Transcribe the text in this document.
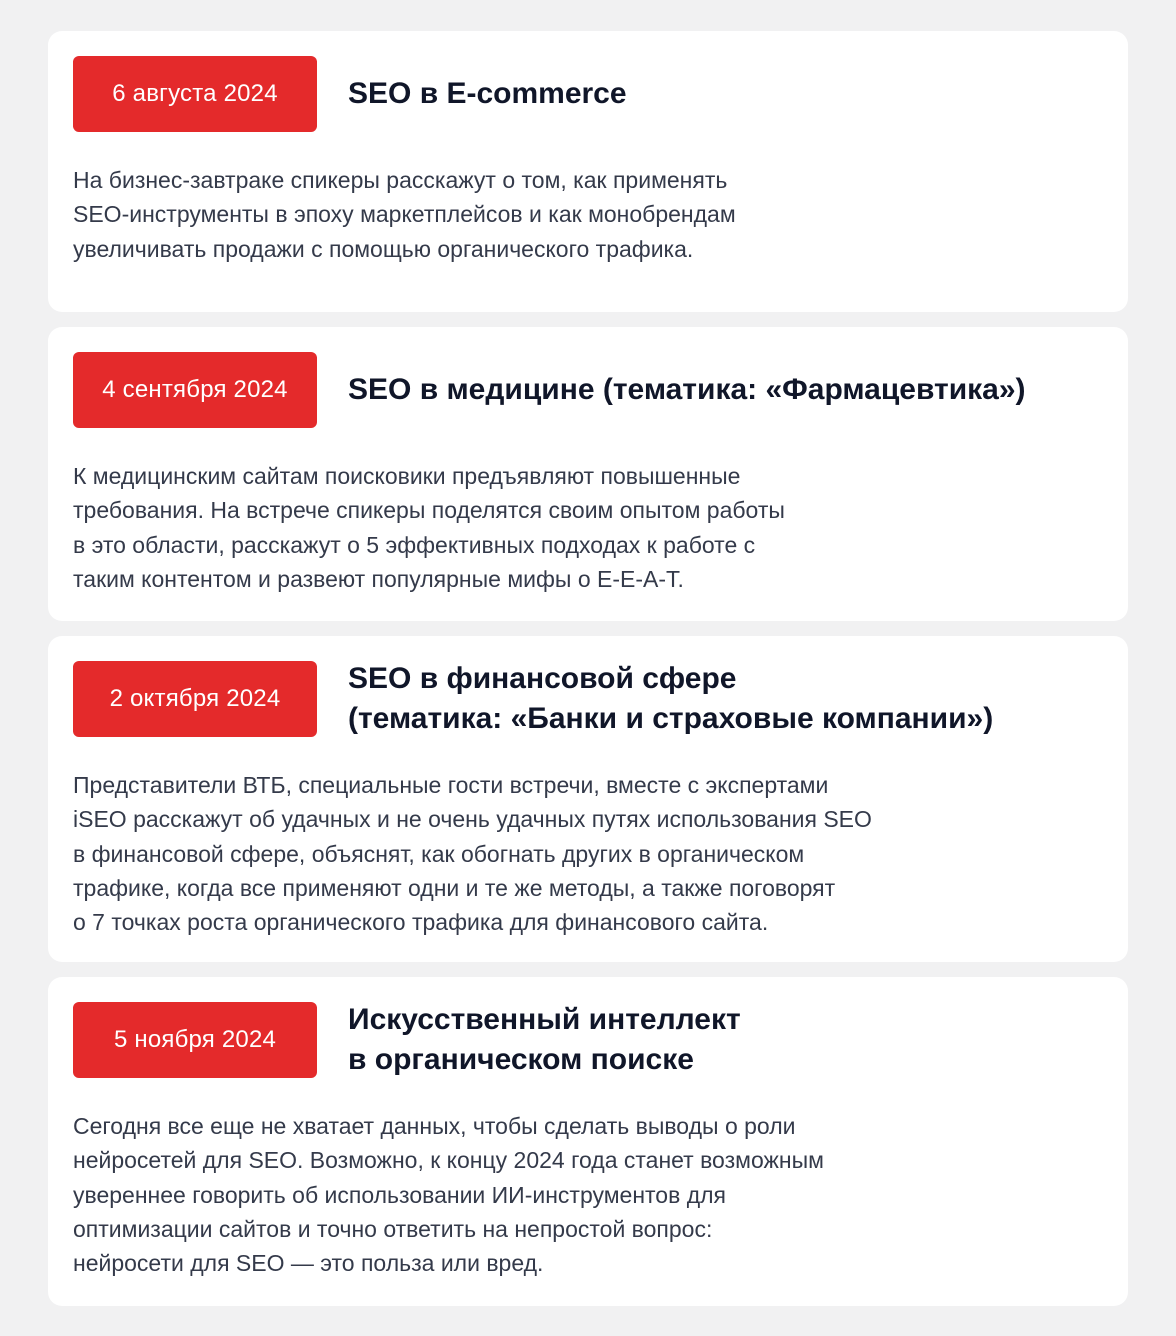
6 августа 2024	SEO в E-commerce

На бизнес-завтраке спикеры расскажут о том, как применять
SEO-инструменты в эпоху маркетплейсов и как монобрендам
увеличивать продажи с помощью органического трафика.

4 сентября 2024	SEO в медицине (тематика: «Фармацевтика»)

К медицинским сайтам поисковики предъявляют повышенные
требования. На встрече спикеры поделятся своим опытом работы
в это области, расскажут о 5 эффективных подходах к работе с
таким контентом и развеют популярные мифы о E-E-A-T.

2 октября 2024
SEO в финансовой сфере
(тематика: «Банки и страховые компании»)

Представители ВТБ, специальные гости встречи, вместе с экспертами
iSEO расскажут об удачных и не очень удачных путях использования SEO
в финансовой сфере, объяснят, как обогнать других в органическом
трафике, когда все применяют одни и те же методы, а также поговорят
о 7 точках роста органического трафика для финансового сайта.

5 ноября 2024
Искусственный интеллект
в органическом поиске

Сегодня все еще не хватает данных, чтобы сделать выводы о роли
нейросетей для SEO. Возможно, к концу 2024 года станет возможным
увереннее говорить об использовании ИИ-инструментов для
оптимизации сайтов и точно ответить на непростой вопрос:
нейросети для SEO — это польза или вред.
